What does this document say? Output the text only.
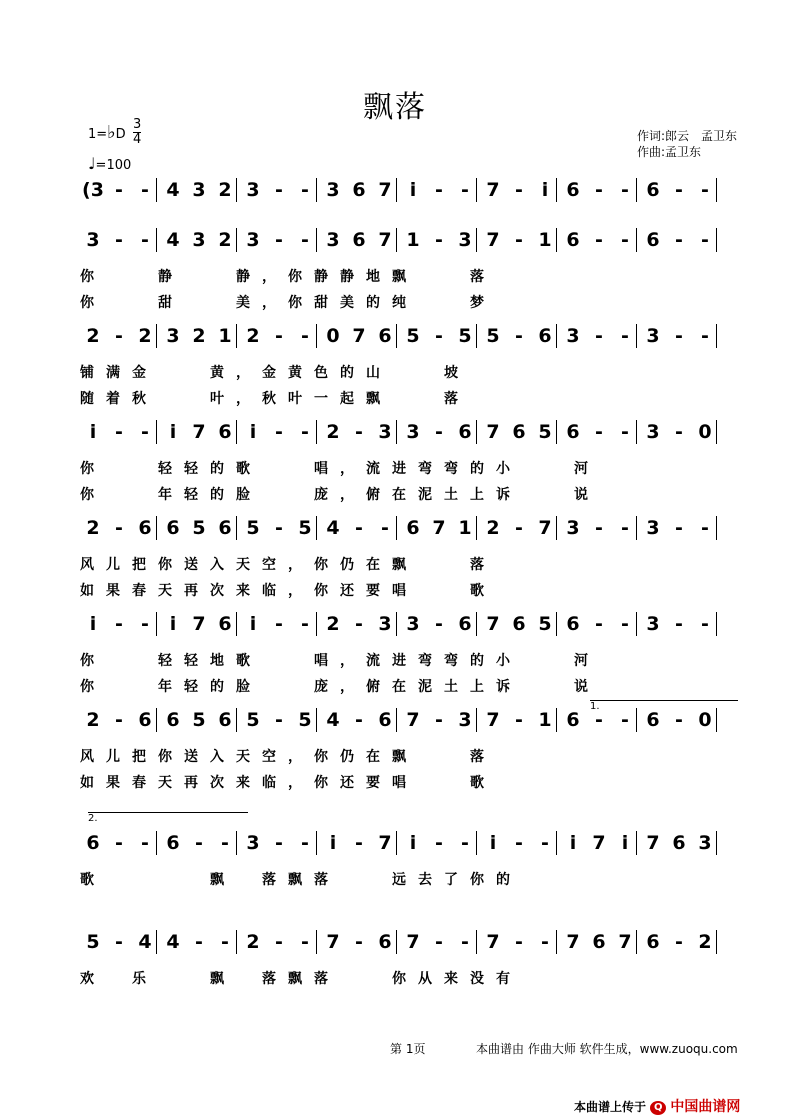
飘落
1=♭D
3
4
♩=100
作词:郎云　孟卫东
作曲:孟卫东
(3 - - 4 3 2 3 - - 3 6 7 i - - 7 - i 6 - - 6 - -
3 - - 4 3 2 3 - - 3 6 7 1 - 3 7 - 1 6 - - 6 - -
你　　静　　静，你静静地飘　　落
你　　甜　　美，你甜美的纯　　梦
2 - 2 3 2 1 2 - - 0 7 6 5 - 5 5 - 6 3 - - 3 - -
铺满金　　黄，金黄色的山　　坡
随着秋　　叶，秋叶一起飘　　落
i - -	i 7 6 i - - 2 - 3 3 - 6 7 6 5 6 - - 3 - 0
你　　轻轻的歌　　唱，流进弯弯的小　　河
你　　年轻的脸　　庞，俯在泥土上诉　　说
2 - 6 6 5 6 5 - 5 4 - - 6 7 1 2 - 7 3 - - 3 - -
风儿把你送入天空，你仍在飘　　落
如果春天再次来临，你还要唱　　歌
i - -	i 7 6 i - - 2 - 3 3 - 6 7 6 5 6 - - 3 - -
你　　轻轻地歌　　唱，流进弯弯的小　　河
你　　年轻的脸　　庞，俯在泥土上诉　　说
2 - 6 6 5 6 5 - 5 4 - 6 7 - 3 7 - 1 6 - - 6 - 0
风儿把你送入天空，你仍在飘　　落
如果春天再次来临，你还要唱　　歌
6 - - 6 - - 3 - -	i - 7 i - -	i - -	i 7 i 7 6 3
歌　　　　飘　落飘落　　远去了你的
5 - 4 4 - - 2 - - 7 - 6 7 - - 7 - - 7 6 7 6 - 2
欢　乐　　飘　落飘落　　你从来没有
1.
2.
第 1页	本曲谱由 作曲大师 软件生成，www.zuoqu.com
本曲谱上传于 Q 中国曲谱网
